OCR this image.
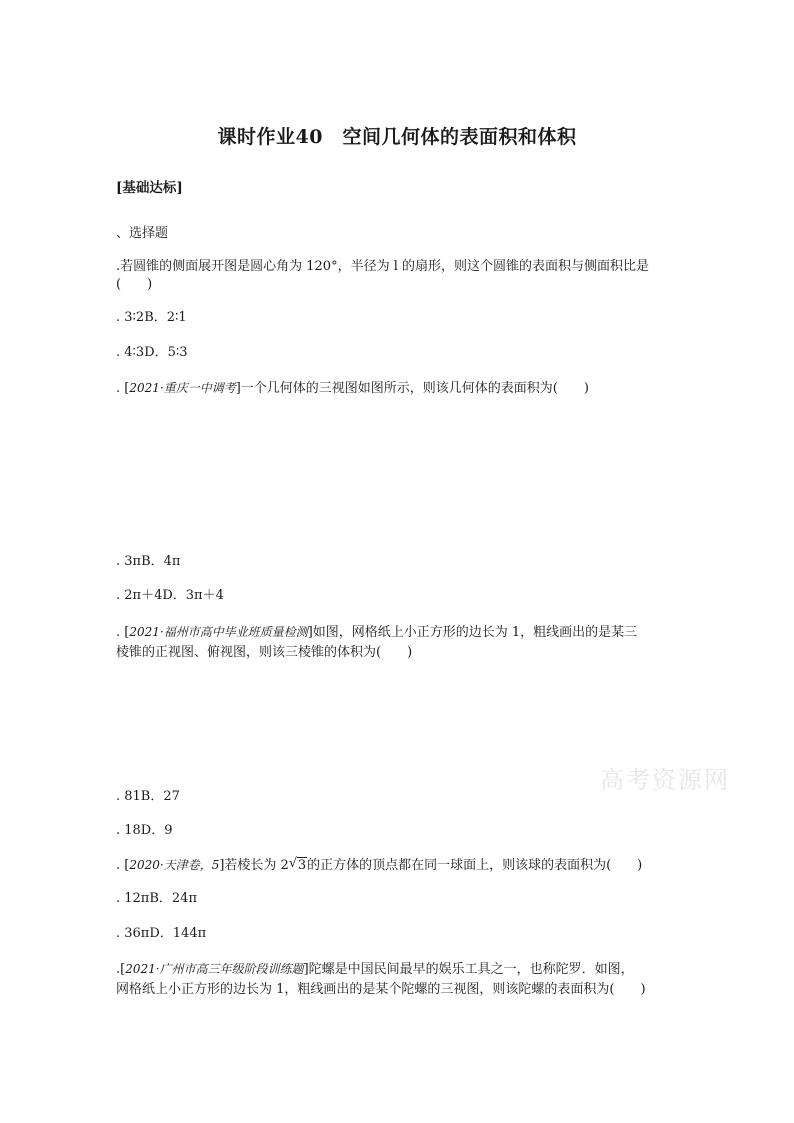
课时作业40　空间几何体的表面积和体积
[基础达标]
、选择题
.若圆锥的侧面展开图是圆心角为 120°，半径为 l 的扇形，则这个圆锥的表面积与侧面积比是
(　　)
. 3∶2B．2∶1
. 4∶3D．5∶3
. [2021·重庆一中调考]一个几何体的三视图如图所示，则该几何体的表面积为(　　)
. 3πB．4π
. 2π＋4D．3π＋4
. [2021·福州市高中毕业班质量检测]如图，网格纸上小正方形的边长为 1，粗线画出的是某三
棱锥的正视图、俯视图，则该三棱锥的体积为(　　)
. 81B．27
. 18D．9
. [2020·天津卷，5]若棱长为 2 √ 3的正方体的顶点都在同一球面上，则该球的表面积为(　　)
. 12πB．24π
. 36πD．144π
.[2021·广州市高三年级阶段训练题]陀螺是中国民间最早的娱乐工具之一，也称陀罗．如图，
网格纸上小正方形的边长为 1，粗线画出的是某个陀螺的三视图，则该陀螺的表面积为(　　)
高考资源网
